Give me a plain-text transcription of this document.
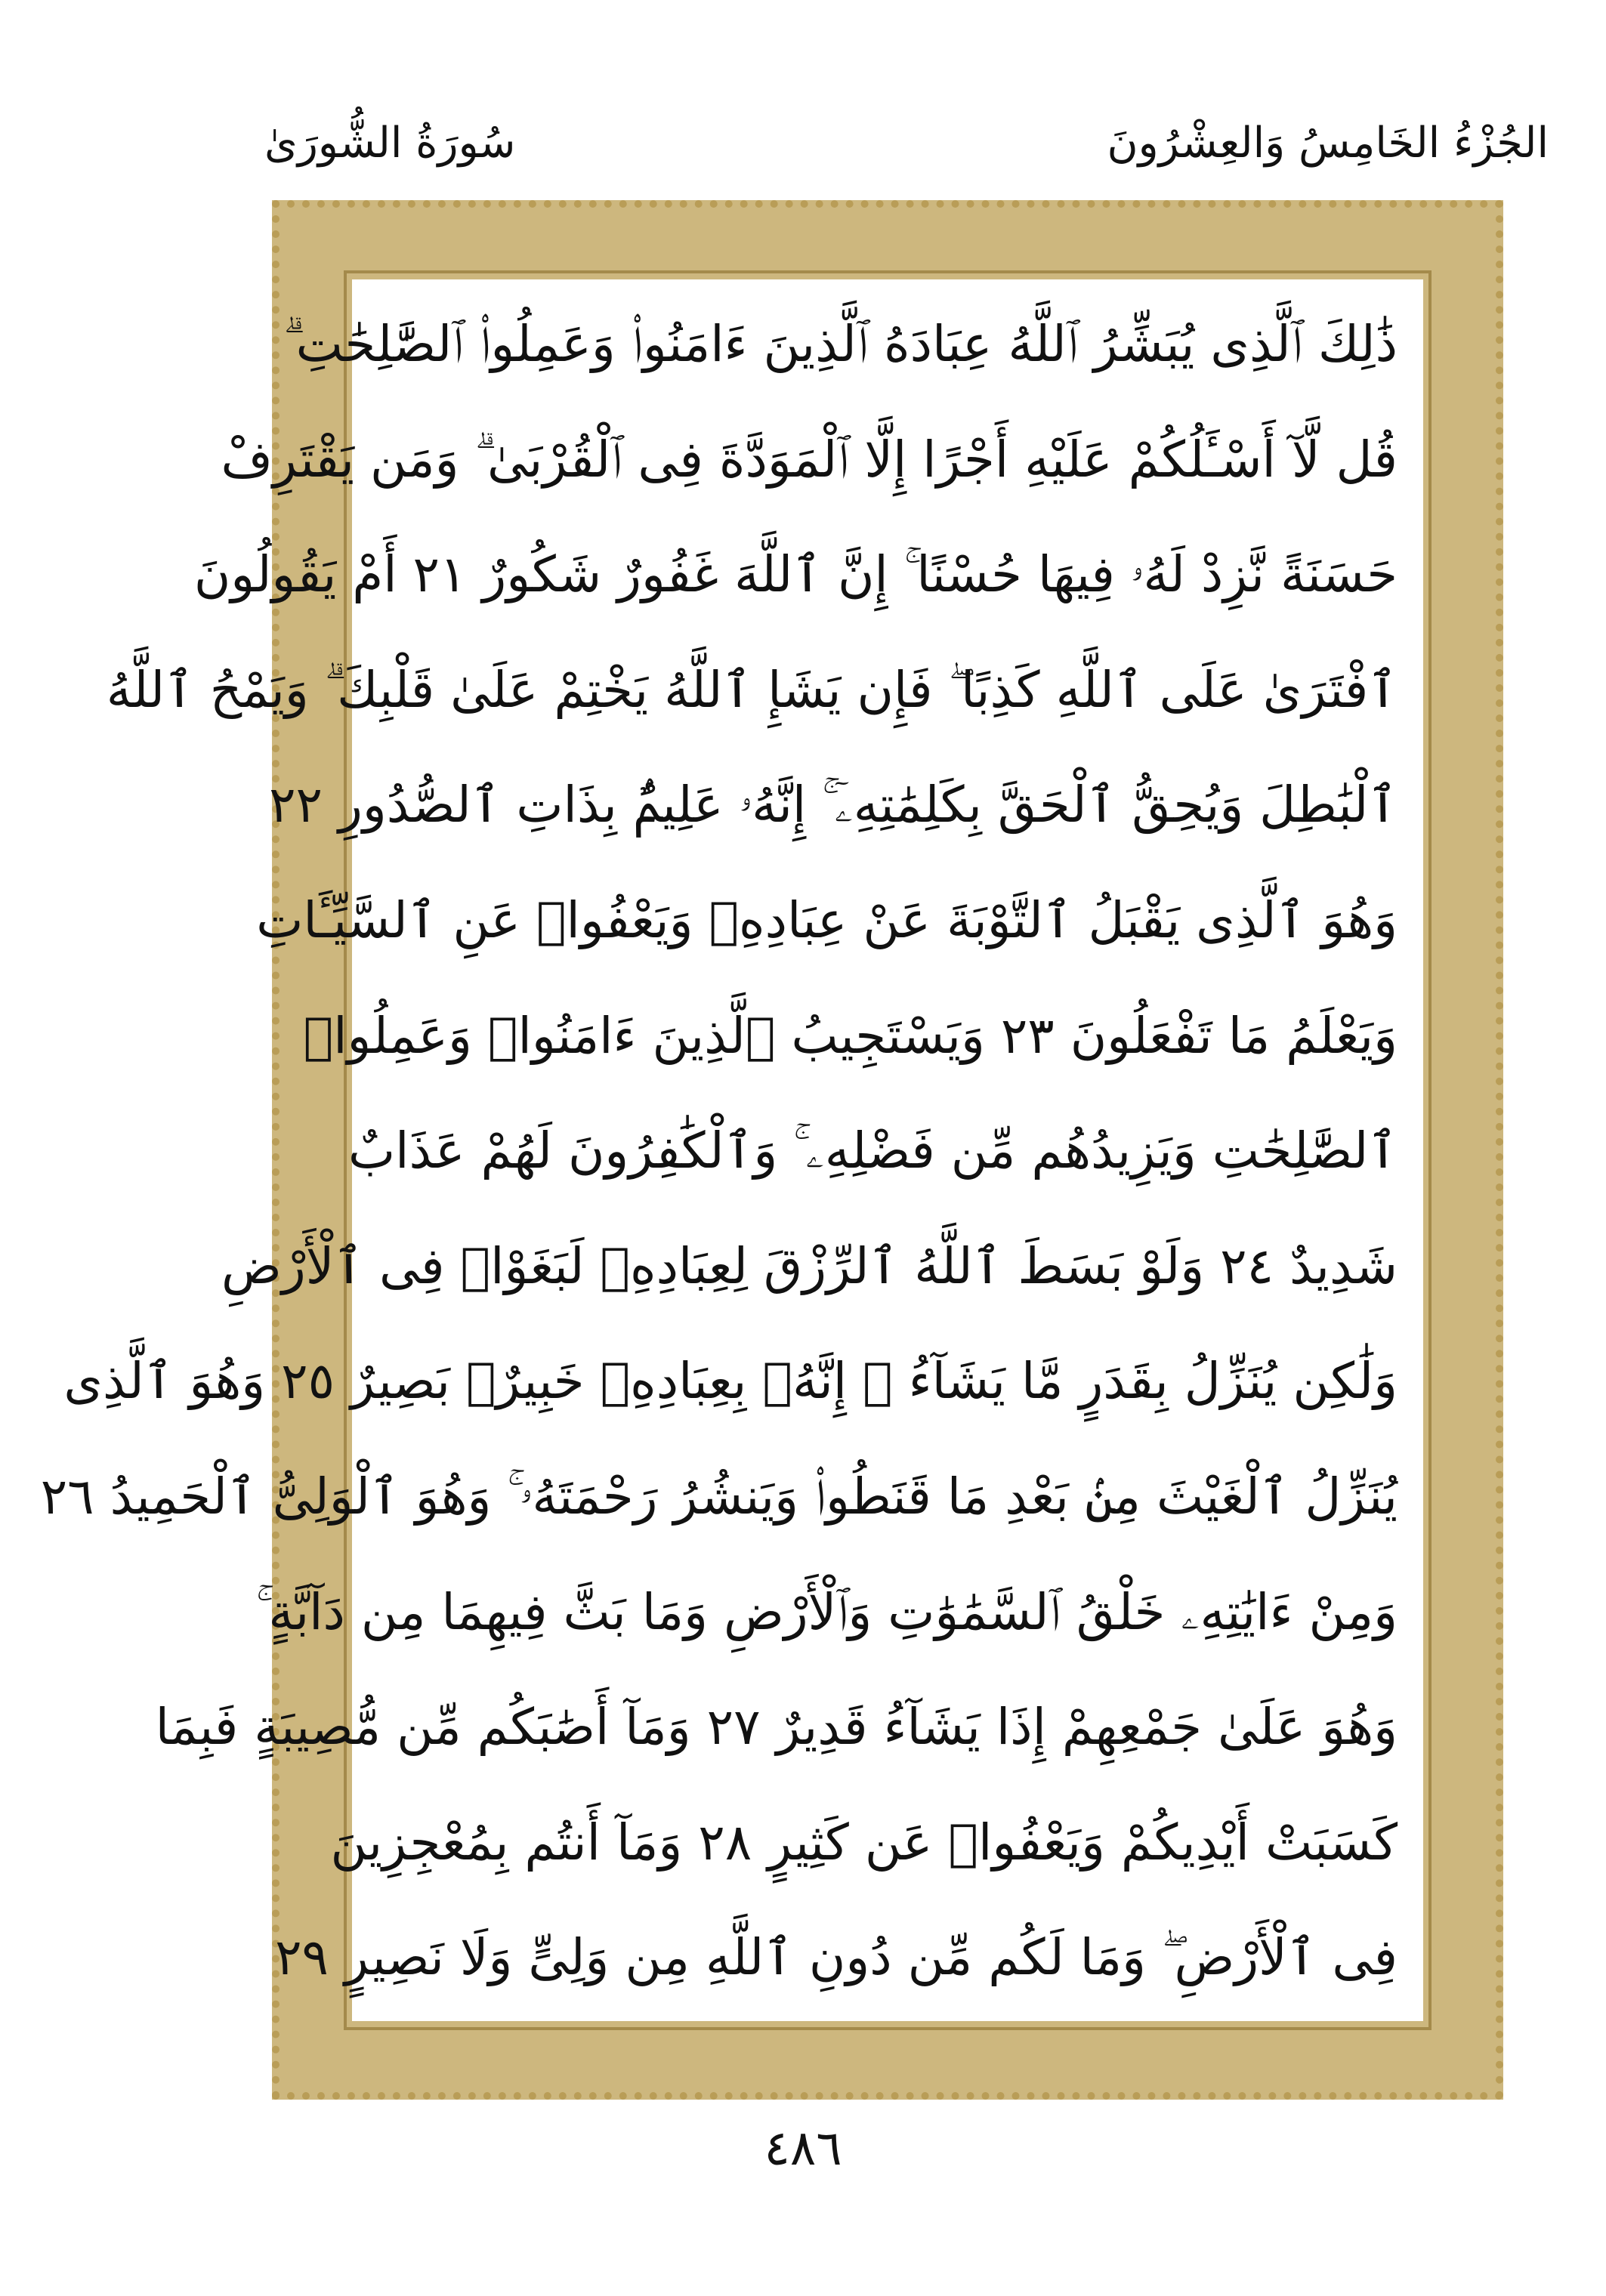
الجُزْءُ الخَامِسُ وَالعِشْرُونَ
سُورَةُ الشُّورَىٰ
ذَٰلِكَ ٱلَّذِى يُبَشِّرُ ٱللَّهُ عِبَادَهُ ٱلَّذِينَ ءَامَنُوا۟ وَعَمِلُوا۟ ٱلصَّٰلِحَٰتِ ۗ
قُل لَّآ أَسْـَٔلُكُمْ عَلَيْهِ أَجْرًا إِلَّا ٱلْمَوَدَّةَ فِى ٱلْقُرْبَىٰ ۗ وَمَن يَقْتَرِفْ
حَسَنَةً نَّزِدْ لَهُۥ فِيهَا حُسْنًا ۚ إِنَّ ٱللَّهَ غَفُورٌ شَكُورٌ ٢١ أَمْ يَقُولُونَ
ٱفْتَرَىٰ عَلَى ٱللَّهِ كَذِبًا ۖ فَإِن يَشَإِ ٱللَّهُ يَخْتِمْ عَلَىٰ قَلْبِكَ ۗ وَيَمْحُ ٱللَّهُ
ٱلْبَٰطِلَ وَيُحِقُّ ٱلْحَقَّ بِكَلِمَٰتِهِۦٓ ۚ إِنَّهُۥ عَلِيمٌۢ بِذَاتِ ٱلصُّدُورِ ٢٢
وَهُوَ ٱلَّذِى يَقْبَلُ ٱلتَّوْبَةَ عَنْ عِبَادِهِۦ وَيَعْفُوا۟ عَنِ ٱلسَّيِّـَٔاتِ
وَيَعْلَمُ مَا تَفْعَلُونَ ٢٣ وَيَسْتَجِيبُ ٱلَّذِينَ ءَامَنُوا۟ وَعَمِلُوا۟
ٱلصَّٰلِحَٰتِ وَيَزِيدُهُم مِّن فَضْلِهِۦ ۚ وَٱلْكَٰفِرُونَ لَهُمْ عَذَابٌ
شَدِيدٌ ٢٤ وَلَوْ بَسَطَ ٱللَّهُ ٱلرِّزْقَ لِعِبَادِهِۦ لَبَغَوْا۟ فِى ٱلْأَرْضِ
وَلَٰكِن يُنَزِّلُ بِقَدَرٍ مَّا يَشَآءُ ۚ إِنَّهُۥ بِعِبَادِهِۦ خَبِيرٌۢ بَصِيرٌ ٢٥ وَهُوَ ٱلَّذِى
يُنَزِّلُ ٱلْغَيْثَ مِنۢ بَعْدِ مَا قَنَطُوا۟ وَيَنشُرُ رَحْمَتَهُۥ ۚ وَهُوَ ٱلْوَلِىُّ ٱلْحَمِيدُ ٢٦
وَمِنْ ءَايَٰتِهِۦ خَلْقُ ٱلسَّمَٰوَٰتِ وَٱلْأَرْضِ وَمَا بَثَّ فِيهِمَا مِن دَآبَّةٍ ۚ
وَهُوَ عَلَىٰ جَمْعِهِمْ إِذَا يَشَآءُ قَدِيرٌ ٢٧ وَمَآ أَصَٰبَكُم مِّن مُّصِيبَةٍ فَبِمَا
كَسَبَتْ أَيْدِيكُمْ وَيَعْفُوا۟ عَن كَثِيرٍ ٢٨ وَمَآ أَنتُم بِمُعْجِزِينَ
فِى ٱلْأَرْضِ ۖ وَمَا لَكُم مِّن دُونِ ٱللَّهِ مِن وَلِىٍّ وَلَا نَصِيرٍ ٢٩
٤٨٦
